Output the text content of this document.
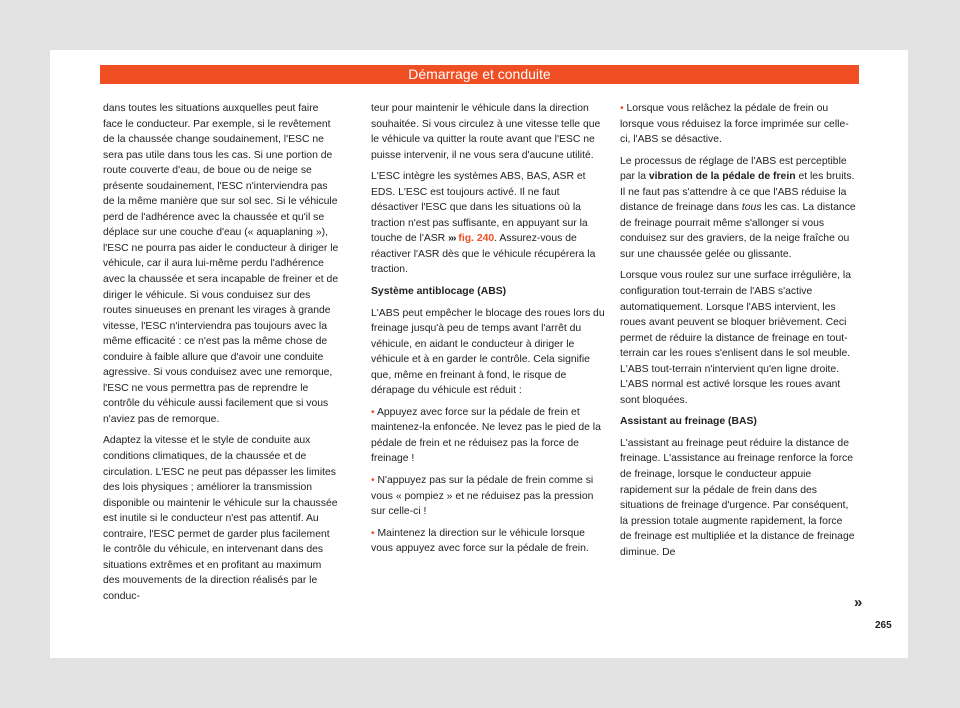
Démarrage et conduite

dans toutes les situations auxquelles peut faire face le conducteur. Par exemple, si le revêtement de la chaussée change soudainement, l'ESC ne sera pas utile dans tous les cas. Si une portion de route couverte d'eau, de boue ou de neige se présente soudainement, l'ESC n'interviendra pas de la même manière que sur sol sec. Si le véhicule perd de l'adhérence avec la chaussée et qu'il se déplace sur une couche d'eau (« aquaplaning »), l'ESC ne pourra pas aider le conducteur à diriger le véhicule, car il aura lui-même perdu l'adhérence avec la chaussée et sera incapable de freiner et de diriger le véhicule. Si vous conduisez sur des routes sinueuses en prenant les virages à grande vitesse, l'ESC n'interviendra pas toujours avec la même efficacité : ce n'est pas la même chose de conduire à faible allure que d'avoir une conduite agressive. Si vous conduisez avec une remorque, l'ESC ne vous permettra pas de reprendre le contrôle du véhicule aussi facilement que si vous n'aviez pas de remorque.

Adaptez la vitesse et le style de conduite aux conditions climatiques, de la chaussée et de circulation. L'ESC ne peut pas dépasser les limites des lois physiques ; améliorer la transmission disponible ou maintenir le véhicule sur la chaussée est inutile si le conducteur n'est pas attentif. Au contraire, l'ESC permet de garder plus facilement le contrôle du véhicule, en intervenant dans des situations extrêmes et en profitant au maximum des mouvements de la direction réalisés par le conduc-

teur pour maintenir le véhicule dans la direction souhaitée. Si vous circulez à une vitesse telle que le véhicule va quitter la route avant que l'ESC ne puisse intervenir, il ne vous sera d'aucune utilité.

L'ESC intègre les systèmes ABS, BAS, ASR et EDS. L'ESC est toujours activé. Il ne faut désactiver l'ESC que dans les situations où la traction n'est pas suffisante, en appuyant sur la touche de l'ASR ››› fig. 240. Assurez-vous de réactiver l'ASR dès que le véhicule récupérera la traction.

Système antiblocage (ABS)

L'ABS peut empêcher le blocage des roues lors du freinage jusqu'à peu de temps avant l'arrêt du véhicule, en aidant le conducteur à diriger le véhicule et à en garder le contrôle. Cela signifie que, même en freinant à fond, le risque de dérapage du véhicule est réduit :

• Appuyez avec force sur la pédale de frein et maintenez-la enfoncée. Ne levez pas le pied de la pédale de frein et ne réduisez pas la force de freinage !

• N'appuyez pas sur la pédale de frein comme si vous « pompiez » et ne réduisez pas la pression sur celle-ci !

• Maintenez la direction sur le véhicule lorsque vous appuyez avec force sur la pédale de frein.

• Lorsque vous relâchez la pédale de frein ou lorsque vous réduisez la force imprimée sur celle-ci, l'ABS se désactive.

Le processus de réglage de l'ABS est perceptible par la vibration de la pédale de frein et les bruits. Il ne faut pas s'attendre à ce que l'ABS réduise la distance de freinage dans tous les cas. La distance de freinage pourrait même s'allonger si vous conduisez sur des graviers, de la neige fraîche ou sur une chaussée gelée ou glissante.

Lorsque vous roulez sur une surface irrégulière, la configuration tout-terrain de l'ABS s'active automatiquement. Lorsque l'ABS intervient, les roues avant peuvent se bloquer brièvement. Ceci permet de réduire la distance de freinage en tout-terrain car les roues s'enlisent dans le sol meuble. L'ABS tout-terrain n'intervient qu'en ligne droite. L'ABS normal est activé lorsque les roues avant sont bloquées.

Assistant au freinage (BAS)

L'assistant au freinage peut réduire la distance de freinage. L'assistance au freinage renforce la force de freinage, lorsque le conducteur appuie rapidement sur la pédale de frein dans des situations de freinage d'urgence. Par conséquent, la pression totale augmente rapidement, la force de freinage est multipliée et la distance de freinage diminue. De

»
265
